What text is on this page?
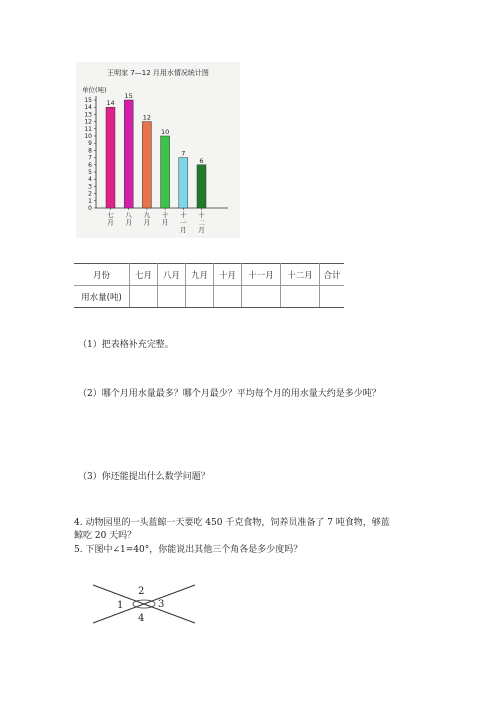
王明家 7—12 月用水情况统计图
单位(吨)
0
1
2
3
4
5
6
7
8
9
10
11
12
13
14
15 14
七
月
15
八
月
12
九
月
10
十
月
7
十
一
月
6
十
二
月
月份	七月	八月	九月	十月	十一月	十二月	合计
用水量(吨)							
（1）把表格补充完整。
（2）哪个月用水量最多？哪个月最少？平均每个月的用水量大约是多少吨？
（3）你还能提出什么数学问题？
4. 动物园里的一头蓝鲸一天要吃 450 千克食物，饲养员准备了 7 吨食物，够蓝
鲸吃 20 天吗？
5. 下图中∠1=40°，你能说出其他三个角各是多少度吗？
1
2
3
4
